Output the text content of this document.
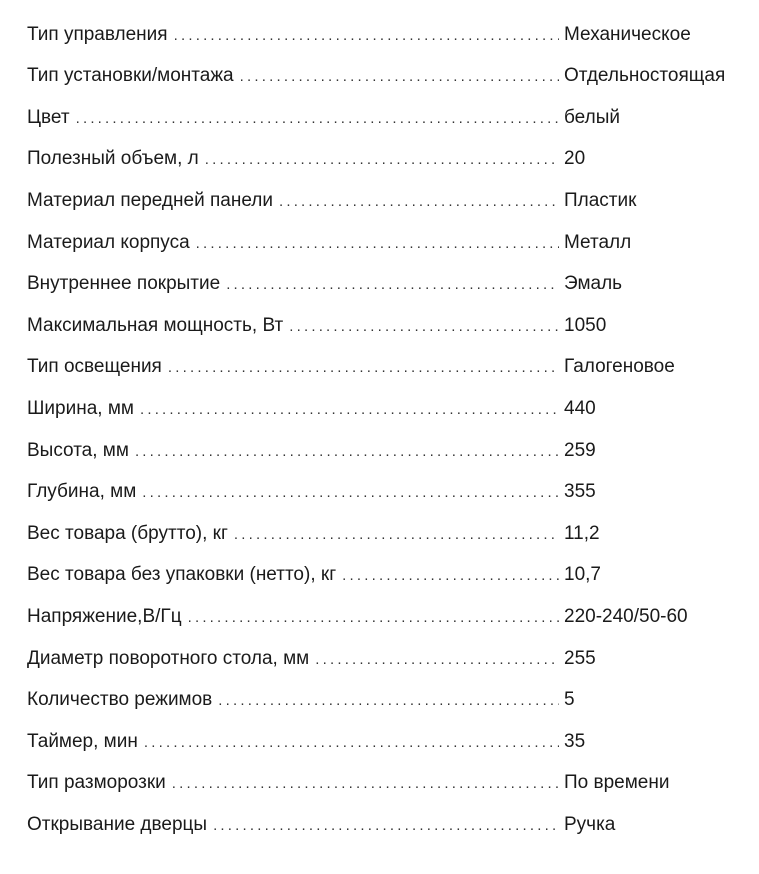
Тип управления .....	Механическое
Тип установки/монтажа .....	Отдельностоящая
Цвет .....	белый
Полезный объем, л .....	20
Материал передней панели .....	Пластик
Материал корпуса .....	Металл
Внутреннее покрытие .....	Эмаль
Максимальная мощность, Вт .....	1050
Тип освещения .....	Галогеновое
Ширина, мм .....	440
Высота, мм .....	259
Глубина, мм .....	355
Вес товара (брутто), кг .....	11,2
Вес товара без упаковки (нетто), кг .....	10,7
Напряжение,В/Гц .....	220-240/50-60
Диаметр поворотного стола, мм .....	255
Количество режимов .....	5
Таймер, мин .....	35
Тип разморозки .....	По времени
Открывание дверцы .....	Ручка
